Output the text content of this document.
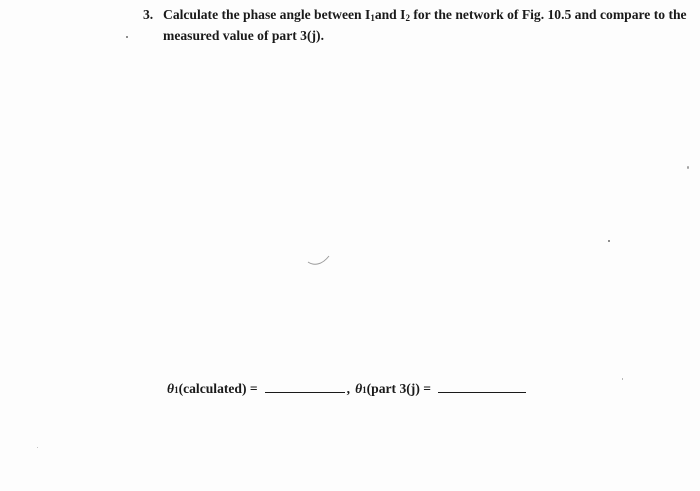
3. Calculate the phase angle between $I_1and$ $I_2$ for the network of Fig. 10.5 and compare to the
measured value of part 3(j).
θ 1 (calculated) =	, θ 1 (part 3(j) =
